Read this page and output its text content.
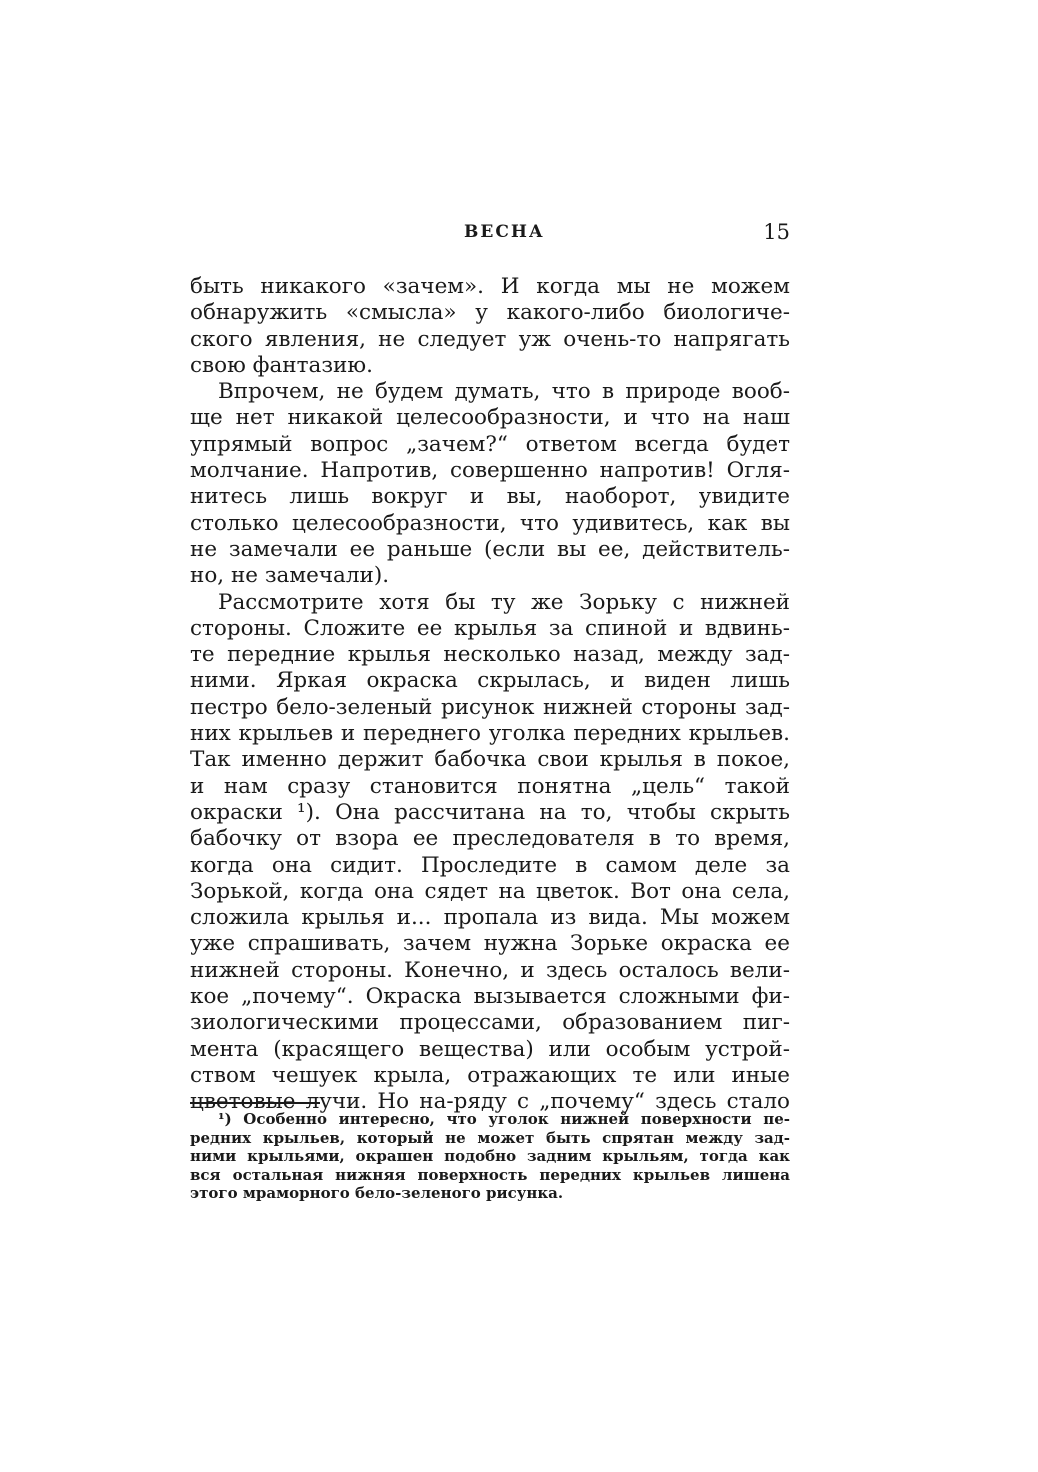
ВЕСНА	15
быть никакого «зачем». И когда мы не можем
обнаружить «смысла» у какого-либо биологиче-
ского явления, не следует уж очень-то напрягать
свою фантазию.
Впрочем, не будем думать, что в природе вооб-
ще нет никакой целесообразности, и что на наш
упрямый вопрос „зачем?“ ответом всегда будет
молчание. Напротив, совершенно напротив! Огля-
нитесь лишь вокруг и вы, наоборот, увидите
столько целесообразности, что удивитесь, как вы
не замечали ее раньше (если вы ее, действитель-
но, не замечали).
Рассмотрите хотя бы ту же Зорьку с нижней
стороны. Сложите ее крылья за спиной и вдвинь-
те передние крылья несколько назад, между зад-
ними. Яркая окраска скрылась, и виден лишь
пестро бело-зеленый рисунок нижней стороны зад-
них крыльев и переднего уголка передних крыльев.
Так именно держит бабочка свои крылья в покое,
и нам сразу становится понятна „цель“ такой
окраски ¹). Она рассчитана на то, чтобы скрыть
бабочку от взора ее преследователя в то время,
когда она сидит. Проследите в самом деле за
Зорькой, когда она сядет на цветок. Вот она села,
сложила крылья и... пропала из вида. Мы можем
уже спрашивать, зачем нужна Зорьке окраска ее
нижней стороны. Конечно, и здесь осталось вели-
кое „почему“. Окраска вызывается сложными фи-
зиологическими процессами, образованием пиг-
мента (красящего вещества) или особым устрой-
ством чешуек крыла, отражающих те или иные
цветовые лучи. Но на-ряду с „почему“ здесь стало
¹) Особенно интересно, что уголок нижней поверхности пе-
редних крыльев, который не может быть спрятан между зад-
ними крыльями, окрашен подобно задним крыльям, тогда как
вся остальная нижняя поверхность передних крыльев лишена
этого мраморного бело-зеленого рисунка.
